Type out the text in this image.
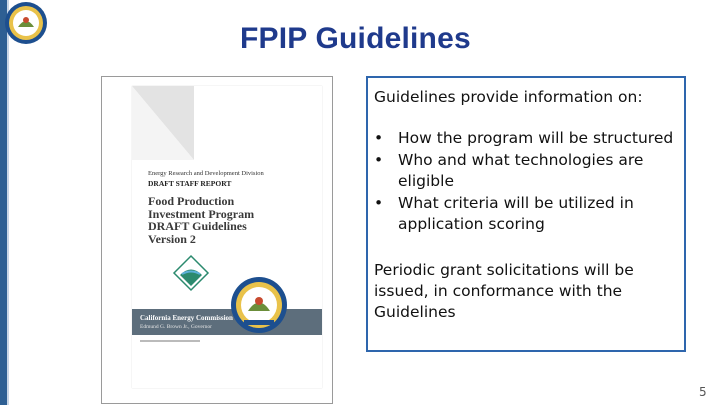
FPIP Guidelines
Energy Research and Development Division
DRAFT STAFF REPORT
Food Production
Investment Program
DRAFT Guidelines
Version 2
California Energy Commission
Edmund G. Brown Jr., Governor
Guidelines provide information on:
• How the program will be structured
• Who and what technologies are eligible
• What criteria will be utilized in application scoring
Periodic grant solicitations will be issued, in conformance with the Guidelines
5
